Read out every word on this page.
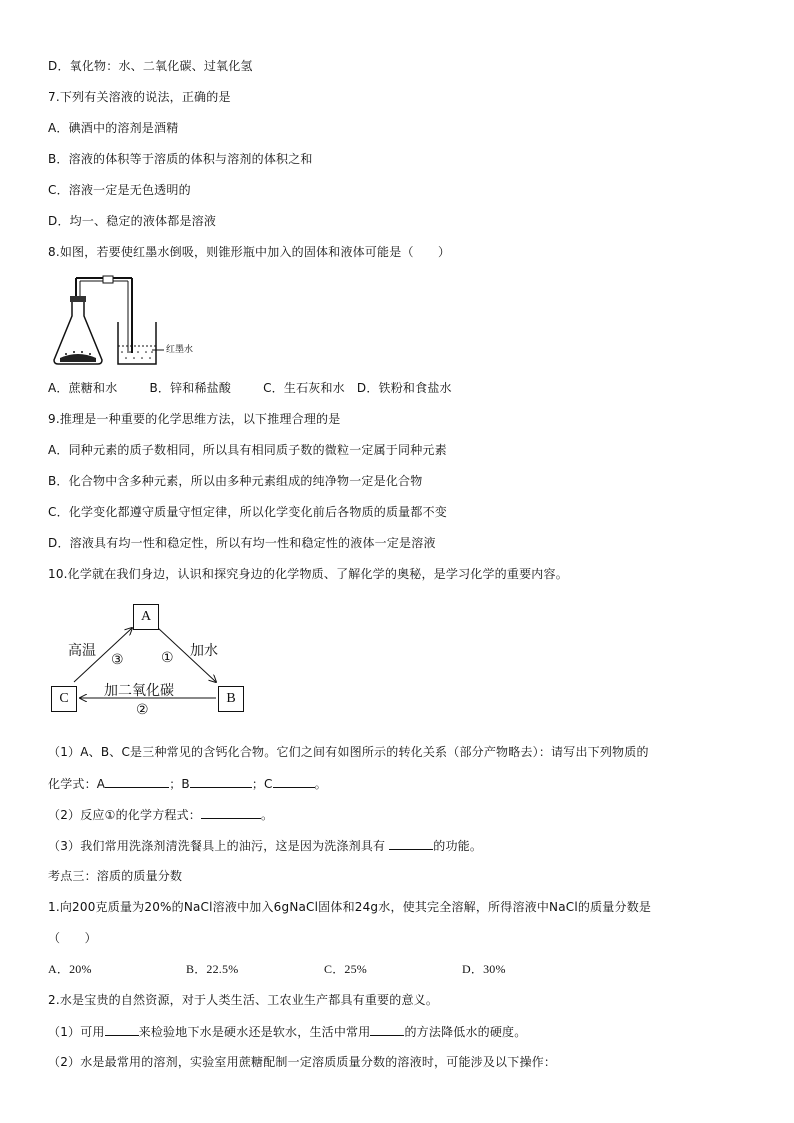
D．氧化物：水、二氧化碳、过氧化氢
7.下列有关溶液的说法，正确的是
A．碘酒中的溶剂是酒精
B．溶液的体积等于溶质的体积与溶剂的体积之和
C．溶液一定是无色透明的
D．均一、稳定的液体都是溶液
8.如图，若要使红墨水倒吸，则锥形瓶中加入的固体和液体可能是（　　）
红墨水
A．蔗糖和水	B．锌和稀盐酸	C．生石灰和水 D．铁粉和食盐水
9.推理是一种重要的化学思维方法，以下推理合理的是
A．同种元素的质子数相同，所以具有相同质子数的微粒一定属于同种元素
B．化合物中含多种元素，所以由多种元素组成的纯净物一定是化合物
C．化学变化都遵守质量守恒定律，所以化学变化前后各物质的质量都不变
D．溶液具有均一性和稳定性，所以有均一性和稳定性的液体一定是溶液
10.化学就在我们身边，认识和探究身边的化学物质、了解化学的奥秘，是学习化学的重要内容。
A
B
C
高温	加水
加二氧化碳
③	①
②
（1）A、B、C是三种常见的含钙化合物。它们之间有如图所示的转化关系（部分产物略去）：请写出下列物质的
化学式：A	；B	；C	。
（2）反应①的化学方程式：	。
（3）我们常用洗涤剂清洗餐具上的油污，这是因为洗涤剂具有	的功能。
考点三：溶质的质量分数
1.向200克质量为20%的NaCl溶液中加入6gNaCl固体和24g水，使其完全溶解，所得溶液中NaCl的质量分数是
（　　）
A．20%	B．22.5%	C．25%	D．30%
2.水是宝贵的自然资源，对于人类生活、工农业生产都具有重要的意义。
（1）可用	来检验地下水是硬水还是软水，生活中常用	的方法降低水的硬度。
（2）水是最常用的溶剂，实验室用蔗糖配制一定溶质质量分数的溶液时，可能涉及以下操作：
